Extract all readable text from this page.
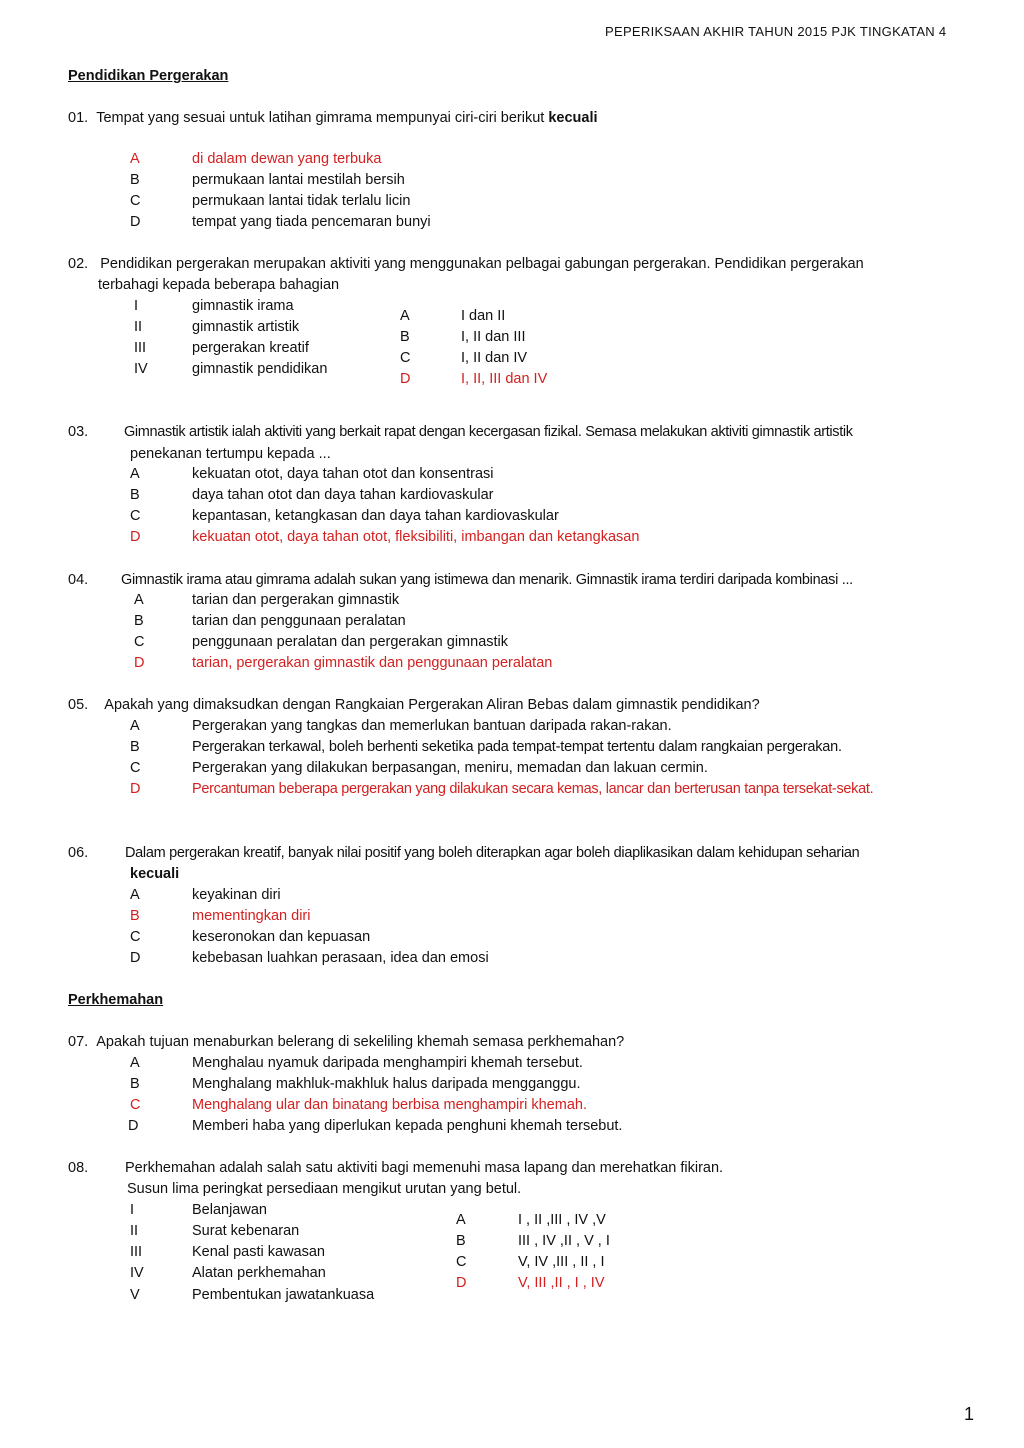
PEPERIKSAAN AKHIR TAHUN 2015 PJK TINGKATAN 4
Pendidikan Pergerakan
01. Tempat yang sesuai untuk latihan gimrama mempunyai ciri-ciri berikut kecuali
A	di dalam dewan yang terbuka
B	permukaan lantai mestilah bersih
C	permukaan lantai tidak terlalu licin
D	tempat yang tiada pencemaran bunyi
02. Pendidikan pergerakan merupakan aktiviti yang menggunakan pelbagai gabungan pergerakan. Pendidikan pergerakan
terbahagi kepada beberapa bahagian
I	gimnastik irama
II	gimnastik artistik
III	pergerakan kreatif
IV	gimnastik pendidikan
A	I dan II
B	I, II dan III
C	I, II dan IV
D	I, II, III dan IV
03. Gimnastik artistik ialah aktiviti yang berkait rapat dengan kecergasan fizikal. Semasa melakukan aktiviti gimnastik artistik
penekanan tertumpu kepada ...
A	kekuatan otot, daya tahan otot dan konsentrasi
B	daya tahan otot dan daya tahan kardiovaskular
C	kepantasan, ketangkasan dan daya tahan kardiovaskular
D	kekuatan otot, daya tahan otot, fleksibiliti, imbangan dan ketangkasan
04. Gimnastik irama atau gimrama adalah sukan yang istimewa dan menarik. Gimnastik irama terdiri daripada kombinasi ...
A	tarian dan pergerakan gimnastik
B	tarian dan penggunaan peralatan
C	penggunaan peralatan dan pergerakan gimnastik
D	tarian, pergerakan gimnastik dan penggunaan peralatan
05. Apakah yang dimaksudkan dengan Rangkaian Pergerakan Aliran Bebas dalam gimnastik pendidikan?
A	Pergerakan yang tangkas dan memerlukan bantuan daripada rakan-rakan.
B	Pergerakan terkawal, boleh berhenti seketika pada tempat-tempat tertentu dalam rangkaian pergerakan.
C	Pergerakan yang dilakukan berpasangan, meniru, memadan dan lakuan cermin.
D	Percantuman beberapa pergerakan yang dilakukan secara kemas, lancar dan berterusan tanpa tersekat-sekat.
06.	Dalam pergerakan kreatif, banyak nilai positif yang boleh diterapkan agar boleh diaplikasikan dalam kehidupan seharian
kecuali
A	keyakinan diri
B	mementingkan diri
C	keseronokan dan kepuasan
D	kebebasan luahkan perasaan, idea dan emosi
Perkhemahan
07. Apakah tujuan menaburkan belerang di sekeliling khemah semasa perkhemahan?
A	Menghalau nyamuk daripada menghampiri khemah tersebut.
B	Menghalang makhluk-makhluk halus daripada mengganggu.
C	Menghalang ular dan binatang berbisa menghampiri khemah.
D	Memberi haba yang diperlukan kepada penghuni khemah tersebut.
08.	Perkhemahan adalah salah satu aktiviti bagi memenuhi masa lapang dan merehatkan fikiran.
Susun lima peringkat persediaan mengikut urutan yang betul.
I	Belanjawan
II	Surat kebenaran
III	Kenal pasti kawasan
IV	Alatan perkhemahan
V	Pembentukan jawatankuasa
A	I , II ,III , IV ,V
B	III , IV ,II , V , I
C	V, IV ,III , II , I
D	V, III ,II , I , IV
1
